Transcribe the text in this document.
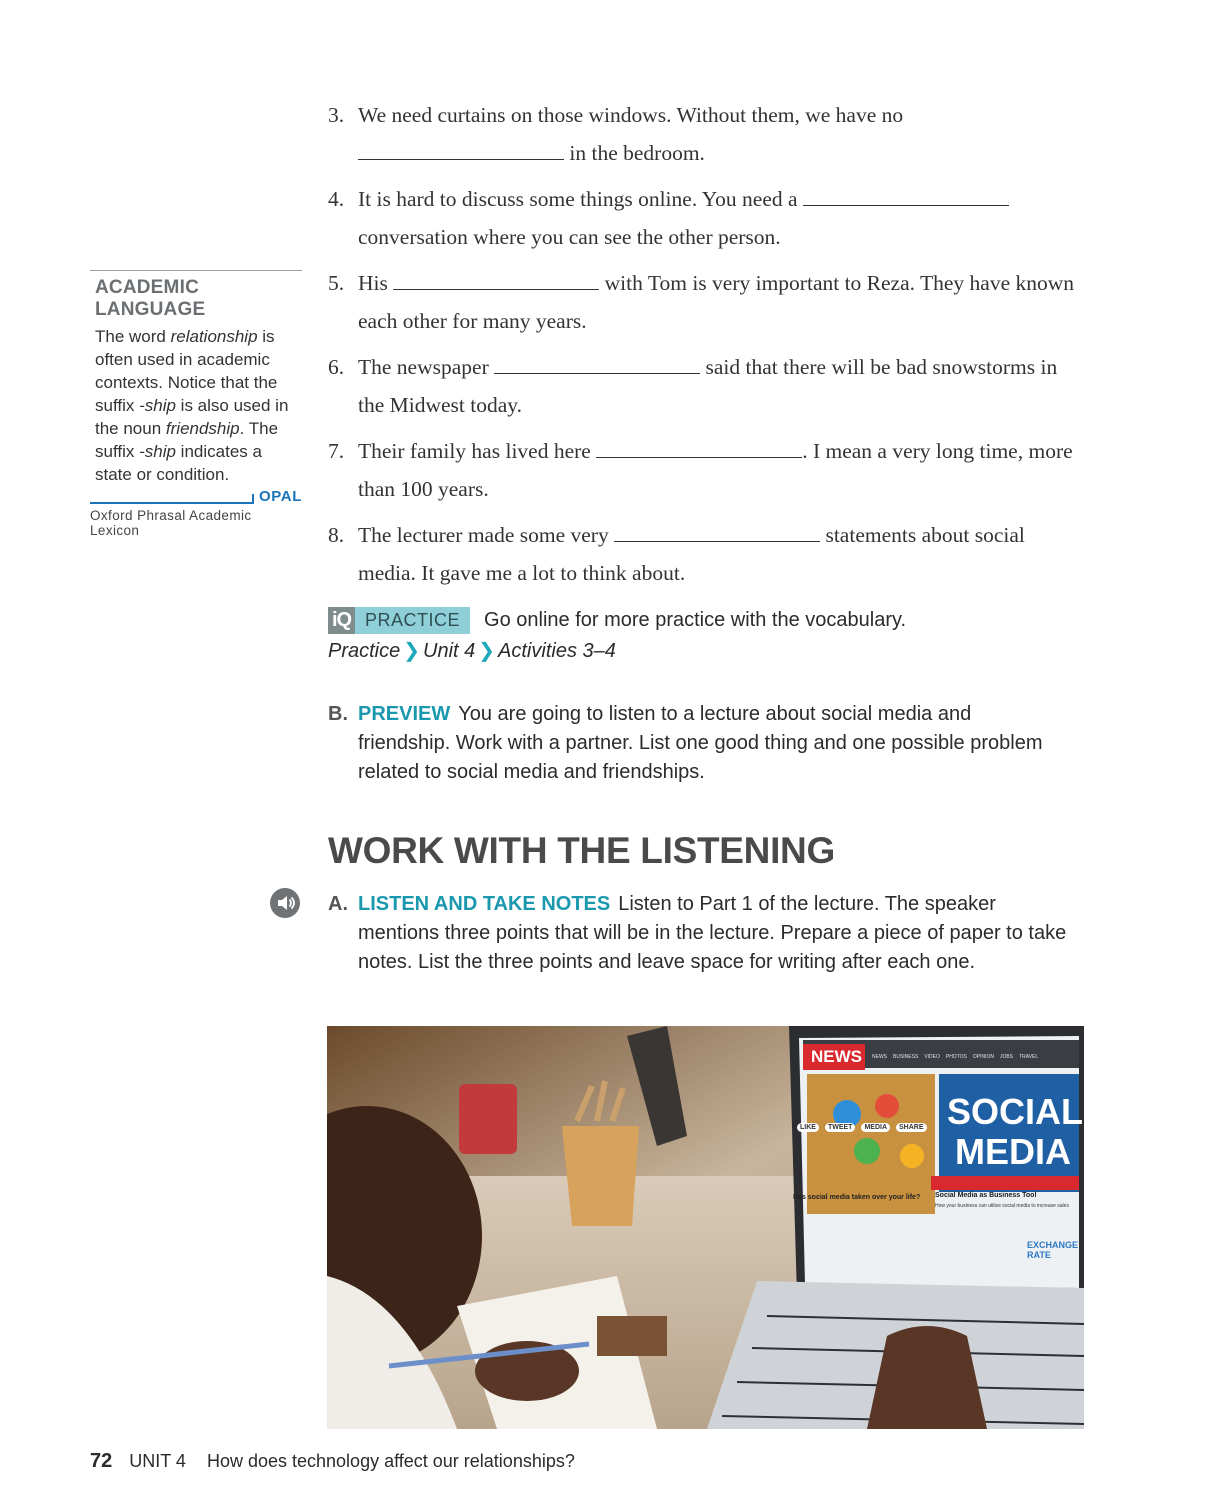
3. We need curtains on those windows. Without them, we have no
in the bedroom.
4. It is hard to discuss some things online. You need a
conversation where you can see the other person.
5. His	with Tom is very important to Reza. They have known each other for many years.
6. The newspaper	said that there will be bad snowstorms in the Midwest today.
7. Their family has lived here	. I mean a very long time, more than 100 years.
8. The lecturer made some very	statements about social media. It gave me a lot to think about.
ACADEMIC LANGUAGE
The word relationship is often used in academic contexts. Notice that the suffix -ship is also used in the noun friendship. The suffix -ship indicates a state or condition.
OPAL
Oxford Phrasal Academic Lexicon
iQ PRACTICE	Go online for more practice with the vocabulary.
Practice ❯ Unit 4 ❯ Activities 3–4
B. PREVIEW You are going to listen to a lecture about social media and friendship. Work with a partner. List one good thing and one possible problem related to social media and friendships.
WORK WITH THE LISTENING
A. LISTEN AND TAKE NOTES Listen to Part 1 of the lecture. The speaker mentions three points that will be in the lecture. Prepare a piece of paper to take notes. List the three points and leave space for writing after each one.
NEWS NEWS BUSINESS VIDEO PHOTOS OPINION JOBS TRAVEL
SOCIAL
MEDIA
LIKE	TWEET	MEDIA	SHARE
Has social media taken over your life?	Social Media as Business Tool
How your business can utilize social media to increase sales
EXCHANGE
RATE
72 UNIT 4 How does technology affect our relationships?
